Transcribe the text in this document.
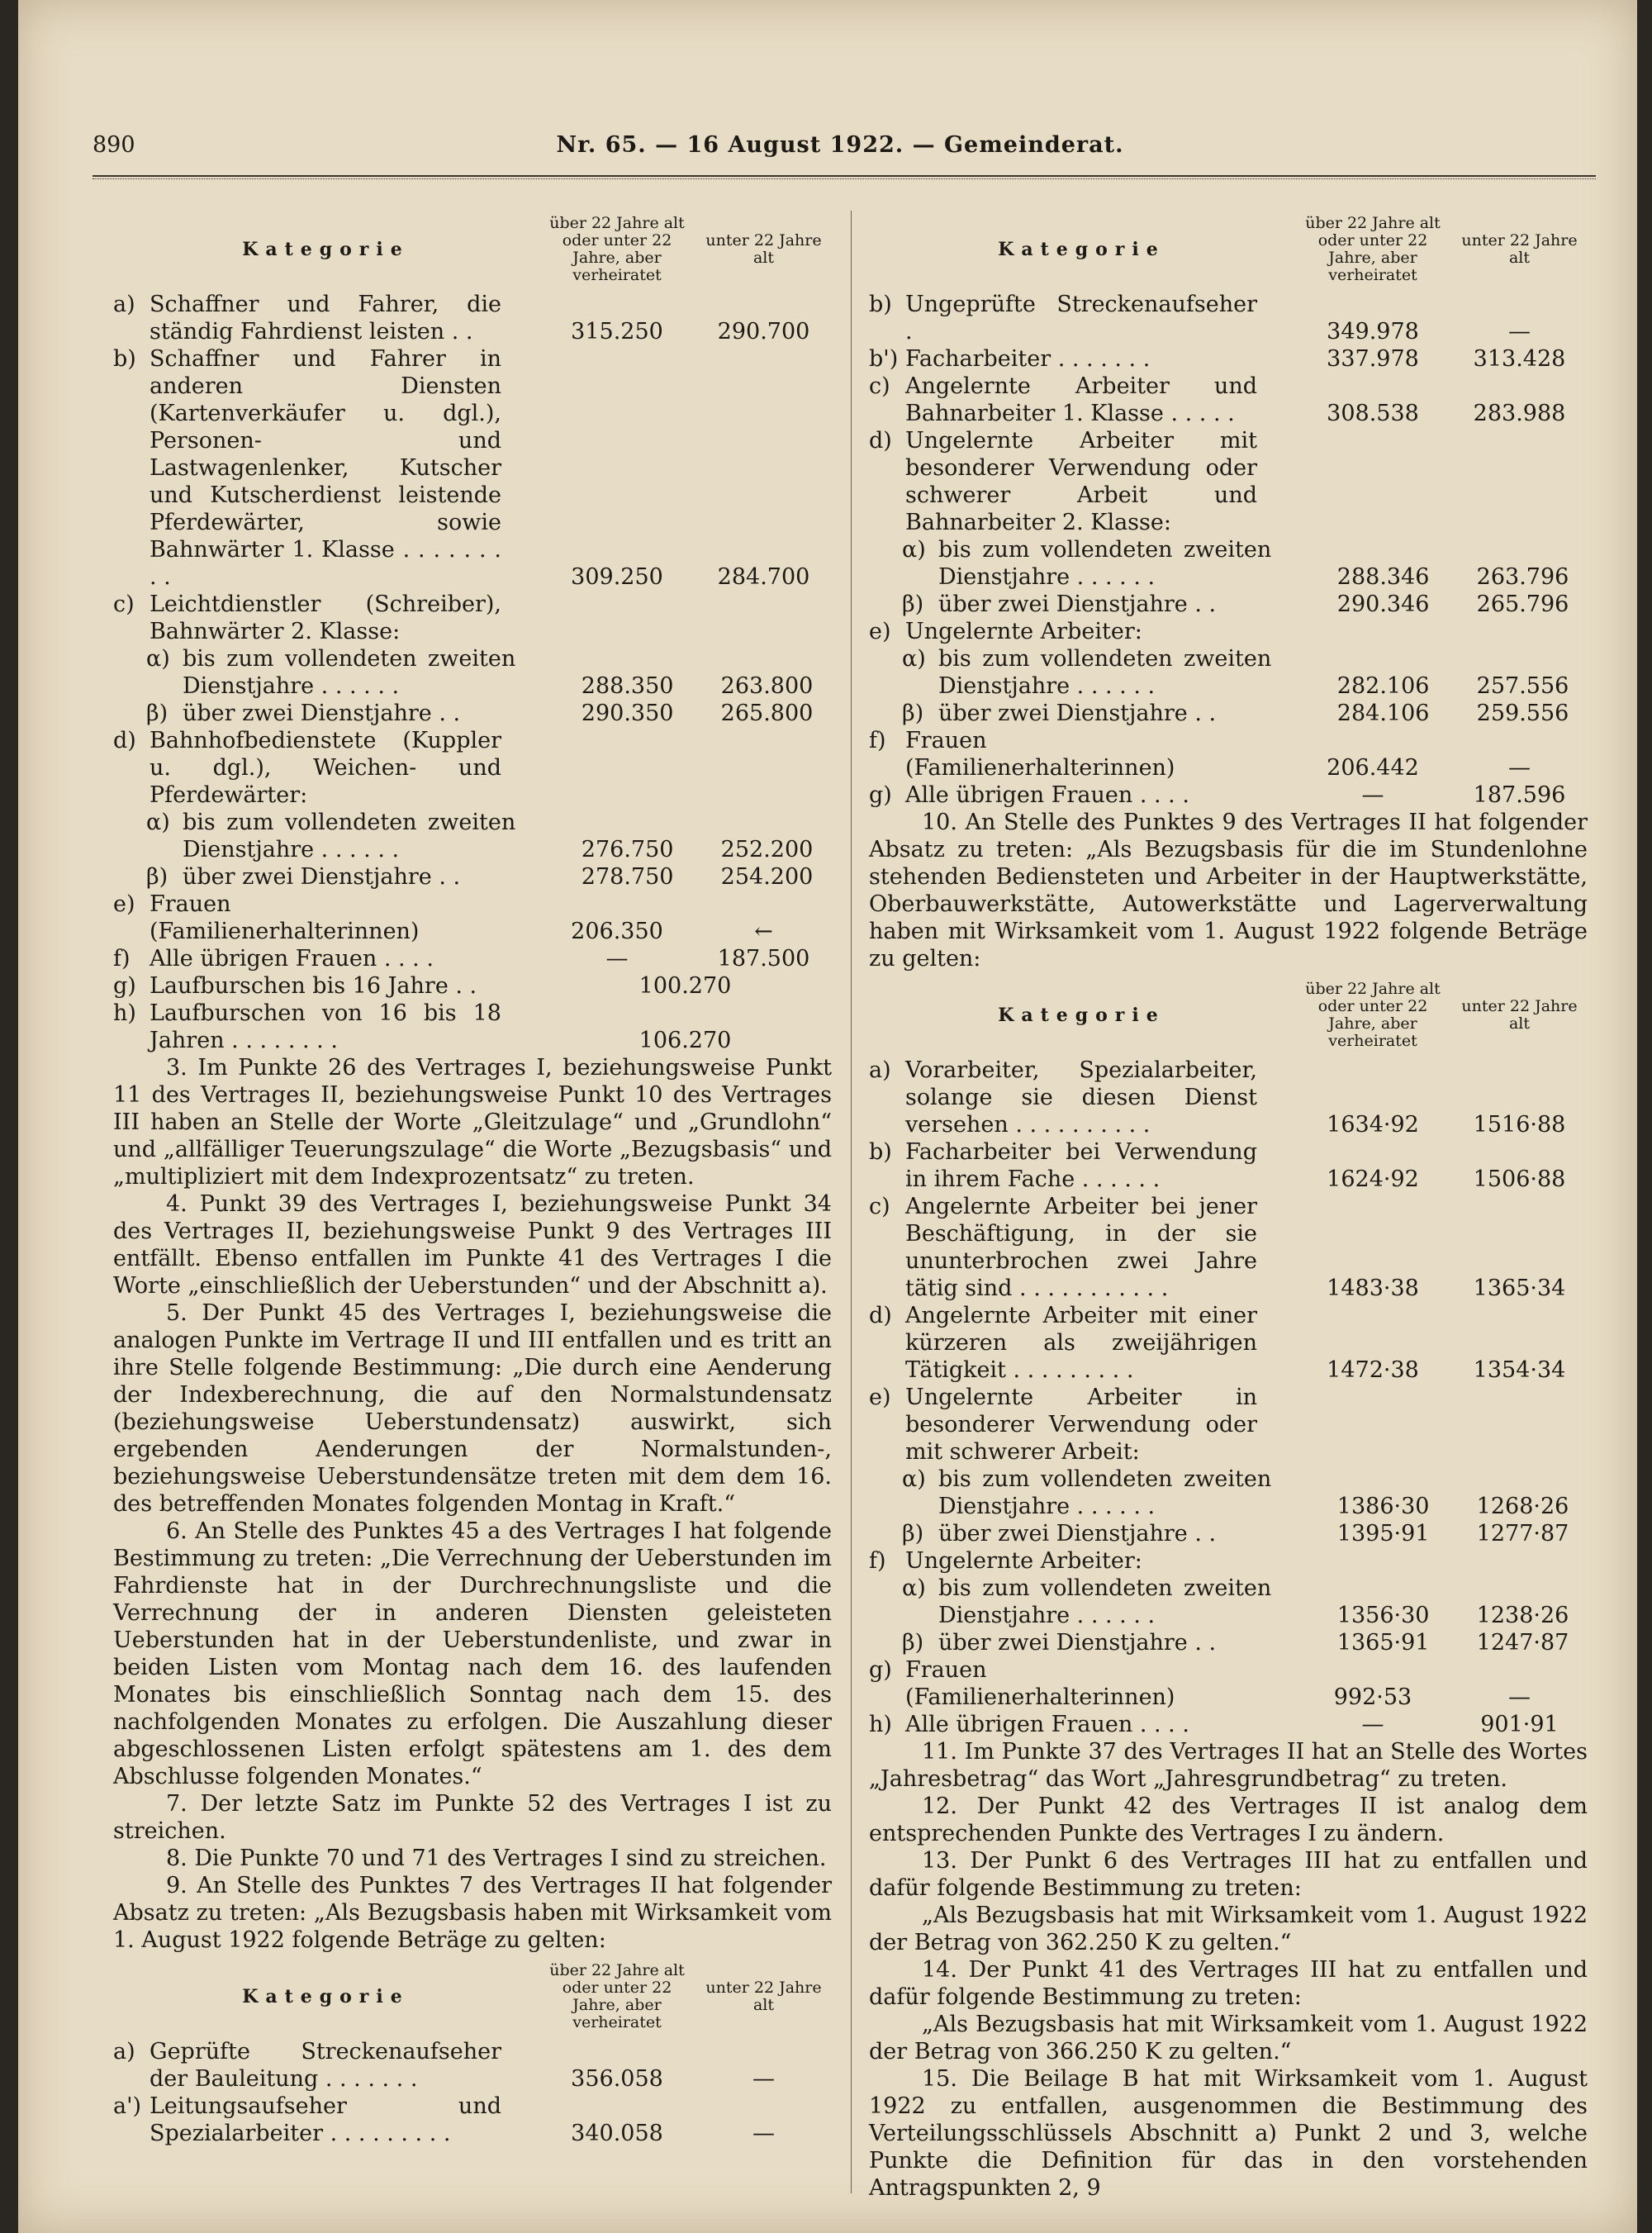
890	Nr. 65. — 16 August 1922. — Gemeinderat.
Kategorie
über 22 Jahre alt oder unter 22 Jahre, aber verheiratet
unter 22 Jahre alt
a) Schaffner und Fahrer, die ständig Fahrdienst leisten . .	315.250	290.700
b) Schaffner und Fahrer in anderen Diensten (Kartenverkäufer u. dgl.), Personen- und Lastwagenlenker, Kutscher und Kutscherdienst leistende Pferdewärter, sowie Bahnwärter 1. Klasse . . . . . . . . .	309.250	284.700
c) Leichtdienstler (Schreiber), Bahnwärter 2. Klasse:
α) bis zum vollendeten zweiten Dienstjahre . . . . . .	288.350	263.800
β) über zwei Dienstjahre . .	290.350	265.800
d) Bahnhofbedienstete (Kuppler u. dgl.), Weichen- und Pferdewärter:
α) bis zum vollendeten zweiten Dienstjahre . . . . . .	276.750	252.200
β) über zwei Dienstjahre . .	278.750	254.200
e) Frauen (Familienerhalterinnen)	206.350	←
f) Alle übrigen Frauen . . . .	—	187.500
g) Laufburschen bis 16 Jahre . .	100.270
h) Laufburschen von 16 bis 18 Jahren . . . . . . . .	106.270

3. Im Punkte 26 des Vertrages I, beziehungsweise Punkt 11 des Vertrages II, beziehungsweise Punkt 10 des Vertrages III haben an Stelle der Worte „Gleitzulage“ und „Grundlohn“ und „allfälliger Teuerungszulage“ die Worte „Bezugsbasis“ und „multipliziert mit dem Indexprozentsatz“ zu treten.

4. Punkt 39 des Vertrages I, beziehungsweise Punkt 34 des Vertrages II, beziehungsweise Punkt 9 des Vertrages III entfällt. Ebenso entfallen im Punkte 41 des Vertrages I die Worte „einschließlich der Ueberstunden“ und der Abschnitt a).

5. Der Punkt 45 des Vertrages I, beziehungsweise die analogen Punkte im Vertrage II und III entfallen und es tritt an ihre Stelle folgende Bestimmung: „Die durch eine Aenderung der Indexberechnung, die auf den Normalstundensatz (beziehungsweise Ueberstundensatz) auswirkt, sich ergebenden Aenderungen der Normalstunden-, beziehungsweise Ueberstundensätze treten mit dem dem 16. des betreffenden Monates folgenden Montag in Kraft.“

6. An Stelle des Punktes 45 a des Vertrages I hat folgende Bestimmung zu treten: „Die Verrechnung der Ueberstunden im Fahrdienste hat in der Durchrechnungsliste und die Verrechnung der in anderen Diensten geleisteten Ueberstunden hat in der Ueberstundenliste, und zwar in beiden Listen vom Montag nach dem 16. des laufenden Monates bis einschließlich Sonntag nach dem 15. des nachfolgenden Monates zu erfolgen. Die Auszahlung dieser abgeschlossenen Listen erfolgt spätestens am 1. des dem Abschlusse folgenden Monates.“

7. Der letzte Satz im Punkte 52 des Vertrages I ist zu streichen.

8. Die Punkte 70 und 71 des Vertrages I sind zu streichen.

9. An Stelle des Punktes 7 des Vertrages II hat folgender Absatz zu treten: „Als Bezugsbasis haben mit Wirksamkeit vom 1. August 1922 folgende Beträge zu gelten:

Kategorie
über 22 Jahre alt oder unter 22 Jahre, aber verheiratet
unter 22 Jahre alt
a) Geprüfte Streckenaufseher der Bauleitung . . . . . . .	356.058	—
a') Leitungsaufseher und Spezialarbeiter . . . . . . . . .	340.058	—
Kategorie
über 22 Jahre alt oder unter 22 Jahre, aber verheiratet
unter 22 Jahre alt
b) Ungeprüfte Streckenaufseher .	349.978	—
b') Facharbeiter . . . . . . .	337.978	313.428
c) Angelernte Arbeiter und Bahnarbeiter 1. Klasse . . . . .	308.538	283.988
d) Ungelernte Arbeiter mit besonderer Verwendung oder schwerer Arbeit und Bahnarbeiter 2. Klasse:
α) bis zum vollendeten zweiten Dienstjahre . . . . . .	288.346	263.796
β) über zwei Dienstjahre . .	290.346	265.796
e) Ungelernte Arbeiter:
α) bis zum vollendeten zweiten Dienstjahre . . . . . .	282.106	257.556
β) über zwei Dienstjahre . .	284.106	259.556
f) Frauen (Familienerhalterinnen)	206.442	—
g) Alle übrigen Frauen . . . .	—	187.596

10. An Stelle des Punktes 9 des Vertrages II hat folgender Absatz zu treten: „Als Bezugsbasis für die im Stundenlohne stehenden Bediensteten und Arbeiter in der Hauptwerkstätte, Oberbauwerkstätte, Autowerkstätte und Lagerverwaltung haben mit Wirksamkeit vom 1. August 1922 folgende Beträge zu gelten:

Kategorie
über 22 Jahre alt oder unter 22 Jahre, aber verheiratet
unter 22 Jahre alt
a) Vorarbeiter, Spezialarbeiter, solange sie diesen Dienst versehen . . . . . . . . . .	1634·92	1516·88
b) Facharbeiter bei Verwendung in ihrem Fache . . . . . .	1624·92	1506·88
c) Angelernte Arbeiter bei jener Beschäftigung, in der sie ununterbrochen zwei Jahre tätig sind . . . . . . . . . . .	1483·38	1365·34
d) Angelernte Arbeiter mit einer kürzeren als zweijährigen Tätigkeit . . . . . . . . .	1472·38	1354·34
e) Ungelernte Arbeiter in besonderer Verwendung oder mit schwerer Arbeit:
α) bis zum vollendeten zweiten Dienstjahre . . . . . .	1386·30	1268·26
β) über zwei Dienstjahre . .	1395·91	1277·87
f) Ungelernte Arbeiter:
α) bis zum vollendeten zweiten Dienstjahre . . . . . .	1356·30	1238·26
β) über zwei Dienstjahre . .	1365·91	1247·87
g) Frauen (Familienerhalterinnen)	992·53	—
h) Alle übrigen Frauen . . . .	—	901·91

11. Im Punkte 37 des Vertrages II hat an Stelle des Wortes „Jahresbetrag“ das Wort „Jahresgrundbetrag“ zu treten.

12. Der Punkt 42 des Vertrages II ist analog dem entsprechenden Punkte des Vertrages I zu ändern.

13. Der Punkt 6 des Vertrages III hat zu entfallen und dafür folgende Bestimmung zu treten:

„Als Bezugsbasis hat mit Wirksamkeit vom 1. August 1922 der Betrag von 362.250 K zu gelten.“

14. Der Punkt 41 des Vertrages III hat zu entfallen und dafür folgende Bestimmung zu treten:

„Als Bezugsbasis hat mit Wirksamkeit vom 1. August 1922 der Betrag von 366.250 K zu gelten.“

15. Die Beilage B hat mit Wirksamkeit vom 1. August 1922 zu entfallen, ausgenommen die Bestimmung des Verteilungsschlüssels Abschnitt a) Punkt 2 und 3, welche Punkte die Definition für das in den vorstehenden Antragspunkten 2, 9
